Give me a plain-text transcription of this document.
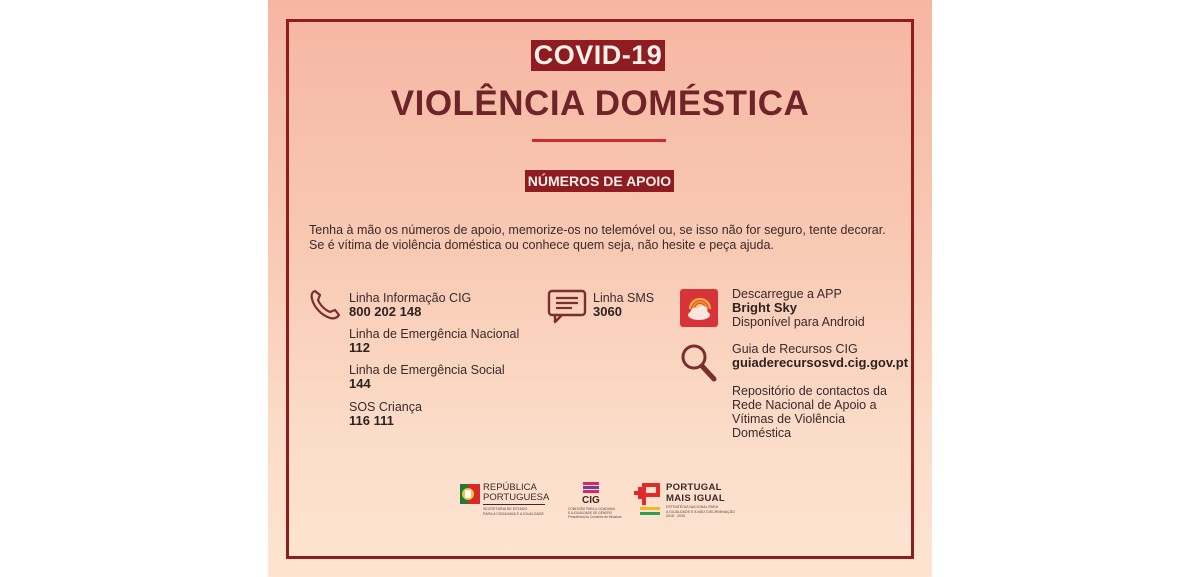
COVID-19
VIOLÊNCIA DOMÉSTICA
NÚMEROS DE APOIO
Tenha à mão os números de apoio, memorize-os no telemóvel ou, se isso não for seguro, tente decorar. Se é vítima de violência doméstica ou conhece quem seja, não hesite e peça ajuda.
Linha Informação CIG
800 202 148
Linha de Emergência Nacional
112
Linha de Emergência Social
144
SOS Criança
116 111
Linha SMS
3060
Descarregue a APP
Bright Sky
Disponível para Android
Guia de Recursos CIG
guiaderecursosvd.cig.gov.pt
Repositório de contactos da Rede Nacional de Apoio a Vítimas de Violência Doméstica
REPÚBLICA
PORTUGUESA
SECRETÁRIA DE ESTADO
PARA A CIDADANIA E A IGUALDADE
CIG
COMISSÃO PARA A CIDADANIA
E A IGUALDADE DE GÉNERO
Presidência do Conselho de Ministros
PORTUGAL
MAIS IGUAL
ESTRATÉGIA NACIONAL PARA
A IGUALDADE E A NÃO DISCRIMINAÇÃO
2018 · 2030
